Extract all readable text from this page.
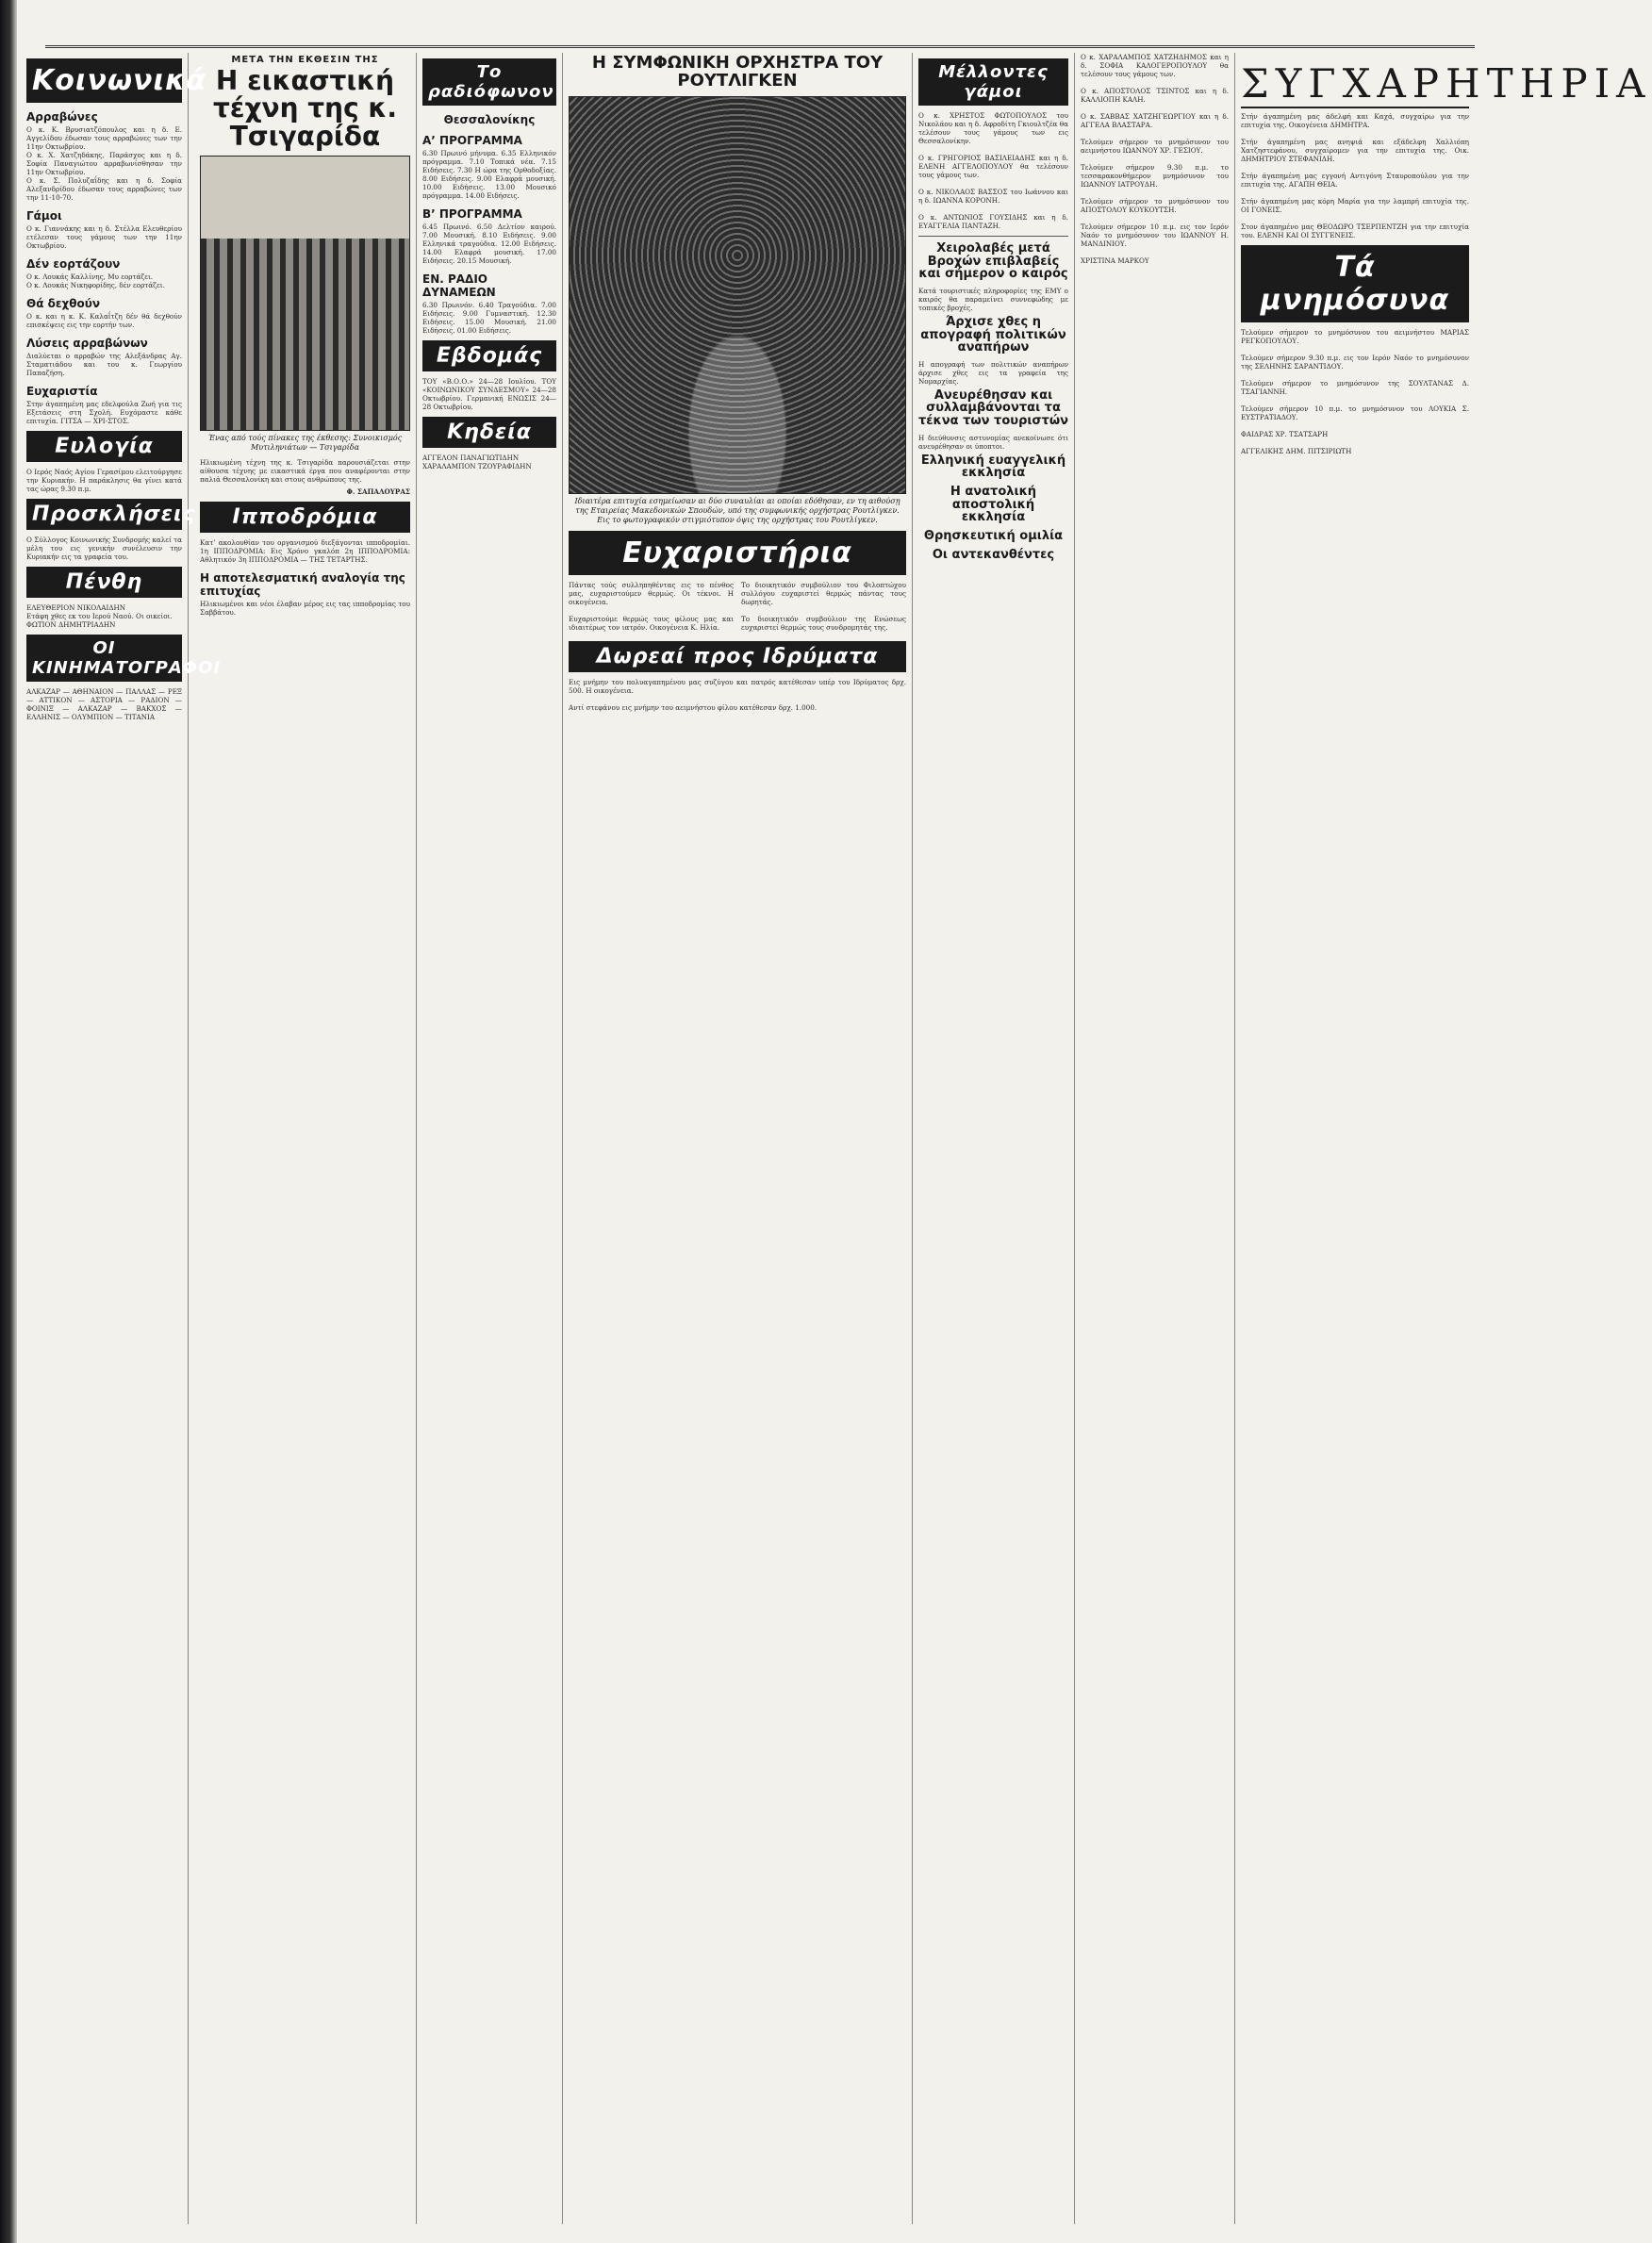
Κοινωνικά
Αρραβώνες

Ο κ. Κ. Βρυσιατζόπουλος και η δ. Ε. Αγγελίδου έδωσαν τους αρραβώνες των την 11ην Οκτωβρίου.
Ο κ. Χ. Χατζηδάκης, Παράσχος και η δ. Σοφία Παναγιώτου αρραβωνίσθησαν την 11ην Οκτωβρίου.
Ο κ. Σ. Πολυζαΐδης και η δ. Σοφία Αλεξανδρίδου έδωσαν τους αρραβώνες των την 11-10-70.

Γάμοι

Ο κ. Γιαννάκης και η δ. Στέλλα Ελευθερίου ετέλεσαν τους γάμους των την 11ην Οκτωβρίου.

Δέν εορτάζουν

Ο κ. Λουκάς Καλλίνης, Μυ εορτάζει.
Ο κ. Λουκάς Νικηφορίδης, δέν εορτάζει.

Θά δεχθούν

Ο κ. και η κ. Κ. Καλαΐτζη δέν θά δεχθούν επισκέψεις εις την εορτήν των.

Λύσεις αρραβώνων

Διαλύεται ο αρραβών της Αλεξάνδρας Αγ. Σταματιάδου και του κ. Γεωργίου Παπαζήση.

Ευχαριστία

Στην άγαπημένη μας εδελφούλα Ζωή για τις Εξετάσεις στη Σχολή. Ευχόμαστε κάθε επιτυχία. ΓΙΤΣΑ — ΧΡΙ-ΣΤΟΣ.

Ευλογία

Ο Ιερός Ναός Αγίου Γερασίμου ελειτούργησε την Κυριακήν. Η παράκλησις θα γίνει κατά τας ώρας 9.30 π.μ.

Προσκλήσεις

Ο Σύλλογος Κοινωνικής Συνδρομής καλεί τα μέλη του εις γενικήν συνέλευσιν την Κυριακήν εις τα γραφεία του.

Πένθη

ΕΛΕΥΘΕΡΙΟΝ ΝΙΚΟΛΑΙΔΗΝ
Ετάφη χθες εκ του Ιερού Ναού. Οι οικείοι.
ΦΩΤΙΟΝ ΔΗΜΗΤΡΙΑΔΗΝ

ΟΙ ΚΙΝΗΜΑΤΟΓΡΑΦΟΙ

ΑΛΚΑΖΑΡ — ΑΘΗΝΑΙΟΝ — ΠΑΛΛΑΣ — ΡΕΞ — ΑΤΤΙΚΟΝ — ΑΣΤΟΡΙΑ — ΡΑΔΙΟΝ — ΦΟΙΝΙΞ — ΑΛΚΑΖΑΡ — ΒΑΚΧΟΣ — ΕΛΛΗΝΙΣ — ΟΛΥΜΠΙΟΝ — ΤΙΤΑΝΙΑ

ΜΕΤΑ ΤΗΝ ΕΚΘΕΣΙΝ ΤΗΣ
Η εικαστική τέχνη της κ. Τσιγαρίδα
Ένας από τούς πίνακες της έκθεσης: Συνοικισμός Μυτιληνιάτων — Τσιγαρίδα

Ηλικιωμένη τέχνη της κ. Τσιγαρίδα παρουσιάζεται στην αίθουσα τέχνης με εικαστικά έργα που αναφέρονται στην παλιά Θεσσαλονίκη και στους ανθρώπους της.

Φ. ΣΑΠΑΛΟΥΡΑΣ

Ιπποδρόμια

Κατ’ ακολουθίαν του οργανισμού διεξάγονται ιπποδρομίαι. 1η ΙΠΠΟΔΡΟΜΙΑ: Εις Χρόνο γκαλόπ 2η ΙΠΠΟΔΡΟΜΙΑ: Αθλητικόν 3η ΙΠΠΟΔΡΟΜΙΑ — ΤΗΣ ΤΕΤΑΡΤΗΣ.

Η αποτελεσματική αναλογία της επιτυχίας

Ηλικιωμένοι και νέοι έλαβαν μέρος εις τας ιπποδρομίας του Σαββάτου.

Το ραδιόφωνον
Θεσσαλονίκης
Α’ ΠΡΟΓΡΑΜΜΑ

6.30 Πρωινό μήνυμα. 6.35 Ελληνικόν πρόγραμμα. 7.10 Τοπικά νέα. 7.15 Ειδήσεις. 7.30 Η ώρα της Ορθοδοξίας. 8.00 Ειδήσεις. 9.00 Ελαφρά μουσική. 10.00 Ειδήσεις. 13.00 Μουσικό πρόγραμμα. 14.00 Ειδήσεις.

Β’ ΠΡΟΓΡΑΜΜΑ

6.45 Πρωινό. 6.50 Δελτίον καιρού. 7.00 Μουσική. 8.10 Ειδήσεις. 9.00 Ελληνικά τραγούδια. 12.00 Ειδήσεις. 14.00 Ελαφρά μουσική. 17.00 Ειδήσεις. 20.15 Μουσική.

ΕΝ. ΡΑΔΙΟ ΔΥΝΑΜΕΩΝ

6.30 Πρωινόν. 6.40 Τραγούδια. 7.00 Ειδήσεις. 9.00 Γυμναστική. 12.30 Ειδήσεις. 15.00 Μουσική. 21.00 Ειδήσεις. 01.00 Ειδήσεις.

Εβδομάς

ΤΟΥ «Β.Ο.Ο.» 24—28 Ιουλίου. ΤΟΥ «ΚΟΙΝΩΝΙΚΟΥ ΣΥΝΔΕΣΜΟΥ» 24—28 Οκτωβρίου. Γερμανική ΕΝΩΣΙΣ 24—28 Οκτωβρίου.

Κηδεία

ΑΓΓΕΛΟΝ ΠΑΝΑΓΙΩΤΙΔΗΝ
ΧΑΡΑΛΑΜΠΟΝ ΤΖΟΥΡΑΦΙΔΗΝ

Η ΣΥΜΦΩΝΙΚΗ ΟΡΧΗΣΤΡΑ ΤΟΥ ΡΟΥΤΛΙΓΚΕΝ
Ιδιαιτέρα επιτυχία εσημείωσαν αι δύο συναυλίαι αι οποίαι εδόθησαν, εν τη αιθούσῃ της Εταιρείας Μακεδονικών Σπουδών, υπό της συμφωνικής ορχήστρας Ρουτλίγκεν. Εις το φωτογραφικόν στιγμιότυπον όψις της ορχήστρας του Ρουτλίγκεν.
Ευχαριστήρια

Πάντας τούς συλληπηθέντας εις το πένθος μας, ευχαριστούμεν θερμώς. Οι τέκνοι. Η οικογένεια.

Ευχαριστούμε θερμώς τους φίλους μας και ιδιαιτέρως τον ιατρόν. Οικογένεια Κ. Ηλία.

Το διοικητικόν συμβούλιον του Φιλοπτώχου συλλόγου ευχαριστεί θερμώς πάντας τους δωρητάς.

Το διοικητικόν συμβούλιον της Ενώσεως ευχαριστεί θερμώς τους συνδρομητάς της.

Δωρεαί προς Ιδρύματα

Εις μνήμην του πολυαγαπημένου μας συζύγου και πατρός κατέθεσαν υπέρ του Ιδρύματος δρχ. 500. Η οικογένεια.

Αντί στεφάνου εις μνήμην του αειμνήστου φίλου κατέθεσαν δρχ. 1.000.

Μέλλοντες γάμοι

Ο κ. ΧΡΗΣΤΟΣ ΦΩΤΟΠΟΥΛΟΣ του Νικολάου και η δ. Αφροδίτη Γκιουλτζέα θα τελέσουν τους γάμους των εις Θεσσαλονίκην.

Ο κ. ΓΡΗΓΟΡΙΟΣ ΒΑΣΙΛΕΙΑΔΗΣ και η δ. ΕΛΕΝΗ ΑΓΓΕΛΟΠΟΥΛΟΥ θα τελέσουν τους γάμους των.

Ο κ. ΝΙΚΟΛΑΟΣ ΒΑΣΣΟΣ του Ιωάννου και η δ. ΙΩΑΝΝΑ ΚΟΡΟΝΗ.

Ο κ. ΑΝΤΩΝΙΟΣ ΓΟΥΣΙΔΗΣ και η δ. ΕΥΑΓΓΕΛΙΑ ΠΑΝΤΑΖΗ.

Χειρολαβές μετά Βροχών επιβλαβείς και σήμερον ο καιρός

Κατά τουριστικές πληροφορίες της ΕΜΥ ο καιρός θα παραμείνει συννεφώδης με τοπικές βροχές.

Άρχισε χθες η απογραφή πολιτικών αναπήρων

Η απογραφή των πολιτικών αναπήρων άρχισε χθες εις τα γραφεία της Νομαρχίας.

Ανευρέθησαν και συλλαμβάνονται τα τέκνα των τουριστών

Η διεύθυνσις αστυνομίας ανεκοίνωσε ότι ανευρέθησαν οι ύποπτοι.

Ελληνική ευαγγελική εκκλησία
Η ανατολική αποστολική εκκλησία
Θρησκευτική ομιλία
Οι αντεκανθέντες

Ο κ. ΧΑΡΑΛΑΜΠΟΣ ΧΑΤΖΗΔΗΜΟΣ και η δ. ΣΟΦΙΑ ΚΑΛΟΓΕΡΟΠΟΥΛΟΥ θα τελέσουν τους γάμους των.

Ο κ. ΑΠΟΣΤΟΛΟΣ ΤΣΙΝΤΟΣ και η δ. ΚΑΛΛΙΟΠΗ ΚΑΛΗ.

Ο κ. ΣΑΒΒΑΣ ΧΑΤΖΗΓΕΩΡΓΙΟΥ και η δ. ΑΓΓΕΛΑ ΒΛΑΣΤΑΡΑ.

Τελούμεν σήμερον το μνημόσυνον του αειμνήστου ΙΩΑΝΝΟΥ ΧΡ. ΓΕΣΙΟΥ.

Τελούμεν σήμερον 9.30 π.μ. το τεσσαρακονθήμερον μνημόσυνον του ΙΩΑΝΝΟΥ ΙΑΤΡΟΥΔΗ.

Τελούμεν σήμερον το μνημόσυνον του ΑΠΟΣΤΟΛΟΥ ΚΟΥΚΟΥΤΣΗ.

Τελούμεν σήμερον 10 π.μ. εις τον Ιερόν Ναόν το μνημόσυνον του ΙΩΑΝΝΟΥ Η. ΜΑΝΔΙΝΙΟΥ.

ΧΡΙΣΤΙΝΑ ΜΑΡΚΟΥ

ΣΥΓΧΑΡΗΤΗΡΙΑ

Στήν άγαπημένη μας άδελφή και Καχά, συγχαίρω για την επιτυχία της. Οικογένεια ΔΗΜΗΤΡΑ.

Στήν άγαπημένη μας ανηψιά και εξάδελφη Χαλλιόπη Χατζηστεφάνου, συγχαίρομεν για την επιτυχία της. Οικ. ΔΗΜΗΤΡΙΟΥ ΣΤΕΦΑΝΙΔΗ.

Στήν άγαπημένη μας εγγονή Αντιγόνη Σταυροπούλου για την επιτυχία της. ΑΓΑΠΗ ΘΕΙΑ.

Στήν άγαπημένη μας κόρη Μαρία για την λαμπρή επιτυχία της. ΟΙ ΓΟΝΕΙΣ.

Στον άγαπημένο μας ΘΕΟΔΩΡΟ ΤΣΕΡΠΕΝΤΖΗ για την επιτυχία του. ΕΛΕΝΗ ΚΑΙ ΟΙ ΣΥΓΓΕΝΕΙΣ.

Τά μνημόσυνα

Τελούμεν σήμερον το μνημόσυνον του αειμνήστου ΜΑΡΙΑΣ ΡΕΓΚΟΠΟΥΛΟΥ.

Τελούμεν σήμερον 9.30 π.μ. εις τον Ιερόν Ναόν το μνημόσυνον της ΣΕΛΗΝΗΣ ΣΑΡΑΝΤΙΔΟΥ.

Τελούμεν σήμερον το μνημόσυνον της ΣΟΥΛΤΑΝΑΣ Δ. ΤΣΑΓΙΑΝΝΗ.

Τελούμεν σήμερον 10 π.μ. το μνημόσυνον του ΛΟΥΚΙΑ Σ. ΕΥΣΤΡΑΤΙΑΔΟΥ.

ΦΑΙΔΡΑΣ ΧΡ. ΤΣΑΤΣΑΡΗ

ΑΓΓΕΛΙΚΗΣ ΔΗΜ. ΠΙΤΣΙΡΙΩΤΗ
